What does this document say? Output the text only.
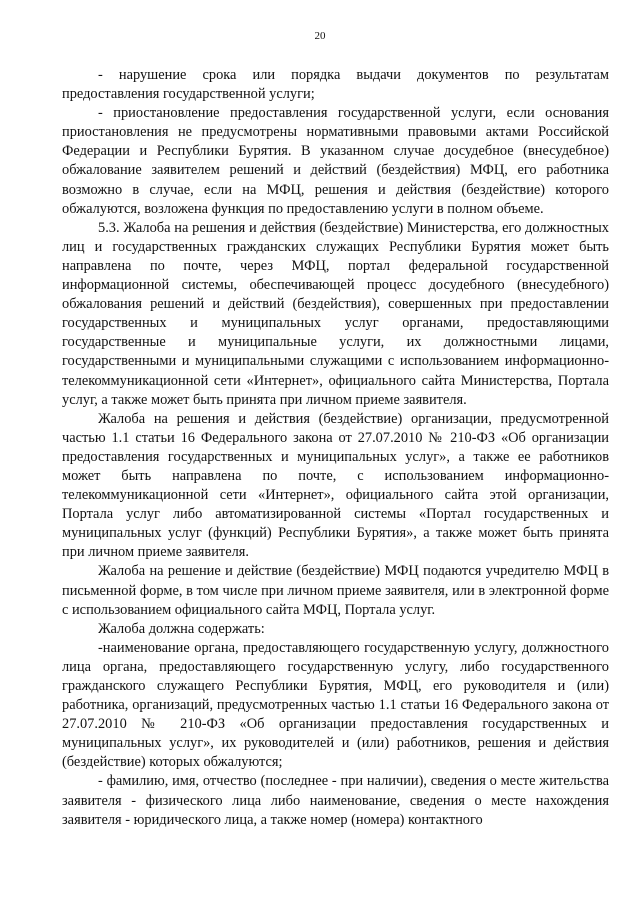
20

- нарушение срока или порядка выдачи документов по результатам предоставления государственной услуги;

- приостановление предоставления государственной услуги, если основания приостановления не предусмотрены нормативными правовыми актами Российской Федерации и Республики Бурятия. В указанном случае досудебное (внесудебное) обжалование заявителем решений и действий (бездействия) МФЦ, его работника возможно в случае, если на МФЦ, решения и действия (бездействие) которого обжалуются, возложена функция по предоставлению услуги в полном объеме.

5.3. Жалоба на решения и действия (бездействие) Министерства, его должностных лиц и государственных гражданских служащих Республики Бурятия может быть направлена по почте, через МФЦ, портал федеральной государственной информационной системы, обеспечивающей процесс досудебного (внесудебного) обжалования решений и действий (бездействия), совершенных при предоставлении государственных и муниципальных услуг органами, предоставляющими государственные и муниципальные услуги, их должностными лицами, государственными и муниципальными служащими с использованием информационно-телекоммуникационной сети «Интернет», официального сайта Министерства, Портала услуг, а также может быть принята при личном приеме заявителя.

Жалоба на решения и действия (бездействие) организации, предусмотренной частью 1.1 статьи 16 Федерального закона от 27.07.2010 № 210-ФЗ «Об организации предоставления государственных и муниципальных услуг», а также ее работников может быть направлена по почте, с использованием информационно-телекоммуникационной сети «Интернет», официального сайта этой организации, Портала услуг либо автоматизированной системы «Портал государственных и муниципальных услуг (функций) Республики Бурятия», а также может быть принята при личном приеме заявителя.

Жалоба на решение и действие (бездействие) МФЦ подаются учредителю МФЦ в письменной форме, в том числе при личном приеме заявителя, или в электронной форме с использованием официального сайта МФЦ, Портала услуг.

Жалоба должна содержать:

-наименование органа, предоставляющего государственную услугу, должностного лица органа, предоставляющего государственную услугу, либо государственного гражданского служащего Республики Бурятия, МФЦ, его руководителя и (или) работника, организаций, предусмотренных частью 1.1 статьи 16 Федерального закона от 27.07.2010 № 210-ФЗ «Об организации предоставления государственных и муниципальных услуг», их руководителей и (или) работников, решения и действия (бездействие) которых обжалуются;

- фамилию, имя, отчество (последнее - при наличии), сведения о месте жительства заявителя - физического лица либо наименование, сведения о месте нахождения заявителя - юридического лица, а также номер (номера) контактного
